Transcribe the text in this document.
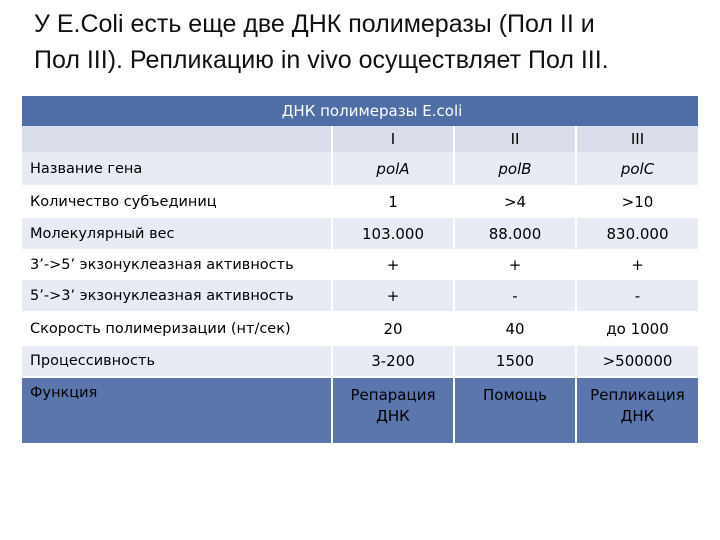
У E.Coli есть еще две ДНК полимеразы (Пол II и
Пол III). Репликацию in vivo осуществляет Пол III.
ДНК полимеразы E.coli
	I	II	III
Название гена	polA	polB	polC
Количество субъединиц	1	>4	>10
Молекулярный вес	103.000	88.000	830.000
3’->5’ экзонуклеазная активность	+	+	+
5’->3’ экзонуклеазная активность	+	-	-
Скорость полимеризации (нт/сек)	20	40	до 1000
Процессивность	3-200	1500	>500000
Функция	Репарация ДНК	Помощь	Репликация ДНК
